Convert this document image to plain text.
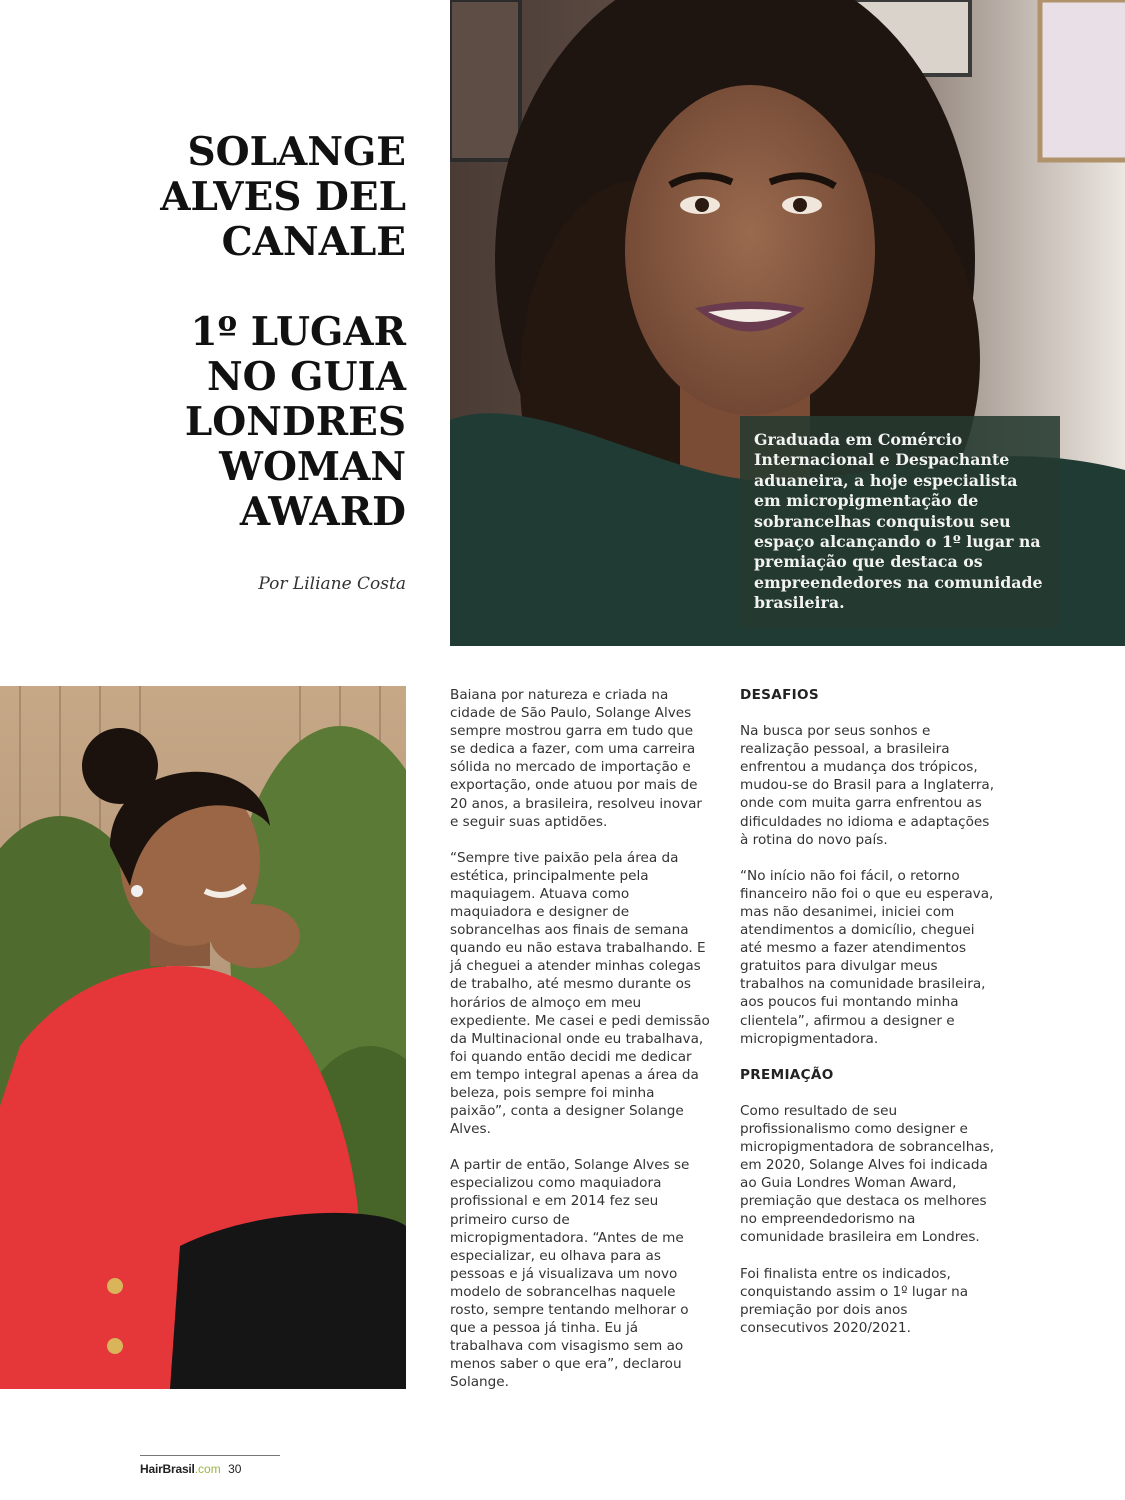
SOLANGE
ALVES DEL
CANALE
1º LUGAR
NO GUIA
LONDRES
WOMAN
AWARD
Por Liliane Costa
Graduada em Comércio Internacional e Despachante aduaneira, a hoje especialista em micropigmentação de sobrancelhas conquistou seu espaço alcançando o 1º lugar na premiação que destaca os empreendedores na comunidade brasileira.

Baiana por natureza e criada na cidade de São Paulo, Solange Alves sempre mostrou garra em tudo que se dedica a fazer, com uma carreira sólida no mercado de importação e exportação, onde atuou por mais de 20 anos, a brasileira, resolveu inovar e seguir suas aptidões.

“Sempre tive paixão pela área da estética, principalmente pela maquiagem. Atuava como maquiadora e designer de sobrancelhas aos finais de semana quando eu não estava trabalhando. E já cheguei a atender minhas colegas de trabalho, até mesmo durante os horários de almoço em meu expediente. Me casei e pedi demissão da Multinacional onde eu trabalhava, foi quando então decidi me dedicar em tempo integral apenas a área da beleza, pois sempre foi minha paixão”, conta a designer Solange Alves.

A partir de então, Solange Alves se especializou como maquiadora profissional e em 2014 fez seu primeiro curso de micropigmentadora. “Antes de me especializar, eu olhava para as pessoas e já visualizava um novo modelo de sobrancelhas naquele rosto, sempre tentando melhorar o que a pessoa já tinha. Eu já trabalhava com visagismo sem ao menos saber o que era”, declarou Solange.

DESAFIOS

Na busca por seus sonhos e realização pessoal, a brasileira enfrentou a mudança dos trópicos, mudou-se do Brasil para a Inglaterra, onde com muita garra enfrentou as dificuldades no idioma e adaptações à rotina do novo país.

“No início não foi fácil, o retorno financeiro não foi o que eu esperava, mas não desanimei, iniciei com atendimentos a domicílio, cheguei até mesmo a fazer atendimentos gratuitos para divulgar meus trabalhos na comunidade brasileira, aos poucos fui montando minha clientela”, afirmou a designer e micropigmentadora.

PREMIAÇÃO

Como resultado de seu profissionalismo como designer e micropigmentadora de sobrancelhas, em 2020, Solange Alves foi indicada ao Guia Londres Woman Award, premiação que destaca os melhores no empreendedorismo na comunidade brasileira em Londres.

Foi finalista entre os indicados, conquistando assim o 1º lugar na premiação por dois anos consecutivos 2020/2021.

HairBrasil.com 30
